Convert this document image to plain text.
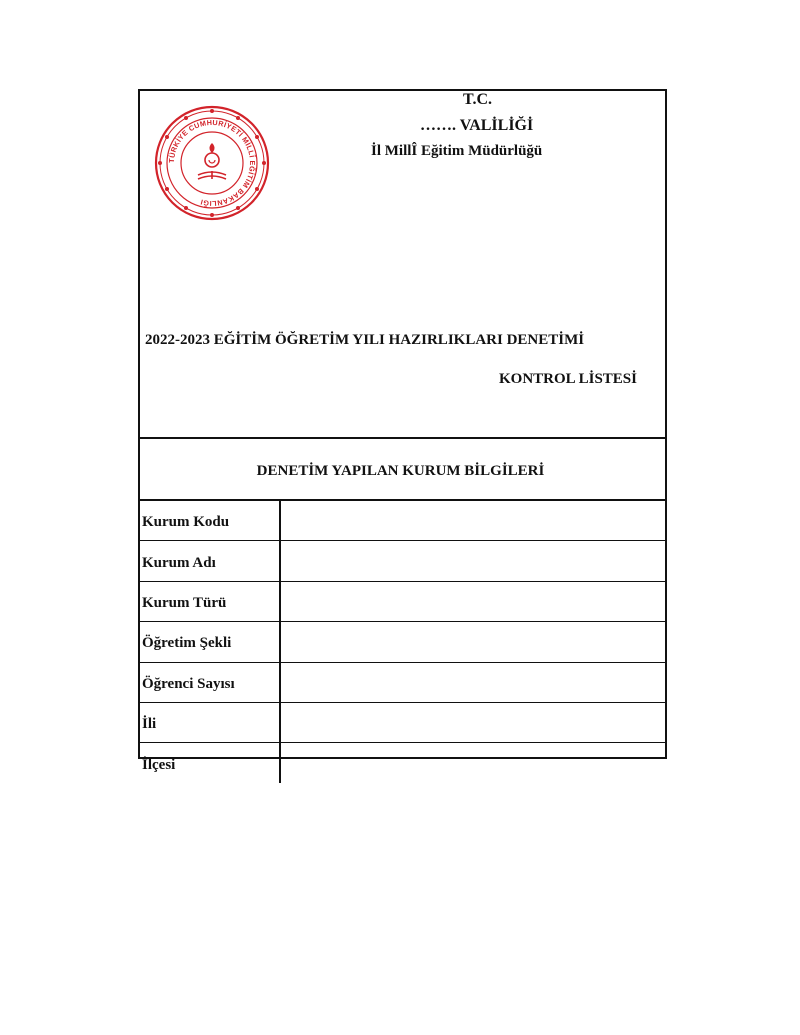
TÜRKİYE CUMHURİYETİ MİLLÎ EĞİTİM BAKANLIĞI
T.C.
……. VALİLİĞİ
İl MillÎ Eğitim Müdürlüğü
2022-2023 EĞİTİM ÖĞRETİM YILI HAZIRLIKLARI DENETİMİ
KONTROL LİSTESİ
DENETİM YAPILAN KURUM BİLGİLERİ
Kurum Kodu	
Kurum Adı	
Kurum Türü	
Öğretim Şekli	
Öğrenci Sayısı	
İli	
İlçesi	
